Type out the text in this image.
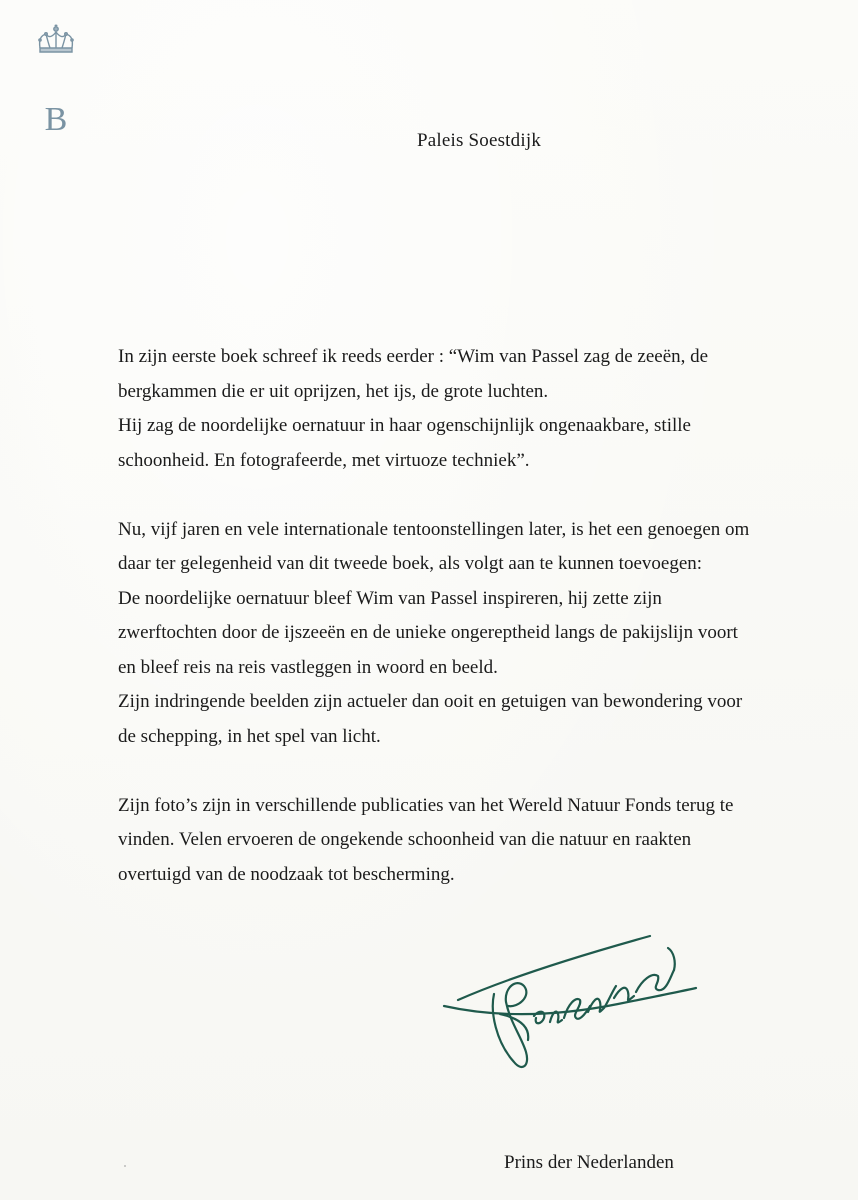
B
Paleis Soestdijk

In zijn eerste boek schreef ik reeds eerder : “Wim van Passel zag de zeeën, de
bergkammen die er uit oprijzen, het ijs, de grote luchten.
Hij zag de noordelijke oernatuur in haar ogenschijnlijk ongenaakbare, stille
schoonheid. En fotografeerde, met virtuoze techniek”.

Nu, vijf jaren en vele internationale tentoonstellingen later, is het een genoegen om
daar ter gelegenheid van dit tweede boek, als volgt aan te kunnen toevoegen:
De noordelijke oernatuur bleef Wim van Passel inspireren, hij zette zijn
zwerftochten door de ijszeeën en de unieke ongereptheid langs de pakijslijn voort
en bleef reis na reis vastleggen in woord en beeld.
Zijn indringende beelden zijn actueler dan ooit en getuigen van bewondering voor
de schepping, in het spel van licht.

Zijn foto’s zijn in verschillende publicaties van het Wereld Natuur Fonds terug te
vinden. Velen ervoeren de ongekende schoonheid van die natuur en raakten
overtuigd van de noodzaak tot bescherming.

Prins der Nederlanden
